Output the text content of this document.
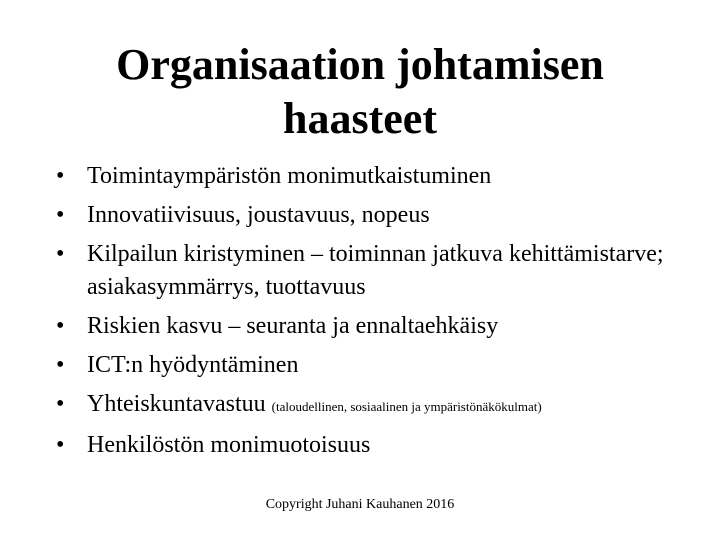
Organisaation johtamisen
haasteet
• Toimintaympäristön monimutkaistuminen
• Innovatiivisuus, joustavuus, nopeus
• Kilpailun kiristyminen – toiminnan jatkuva kehittämistarve; asiakasymmärrys, tuottavuus
• Riskien kasvu – seuranta ja ennaltaehkäisy
• ICT:n hyödyntäminen
• Yhteiskuntavastuu (taloudellinen, sosiaalinen ja ympäristönäkökulmat)
• Henkilöstön monimuotoisuus
Copyright Juhani Kauhanen 2016
